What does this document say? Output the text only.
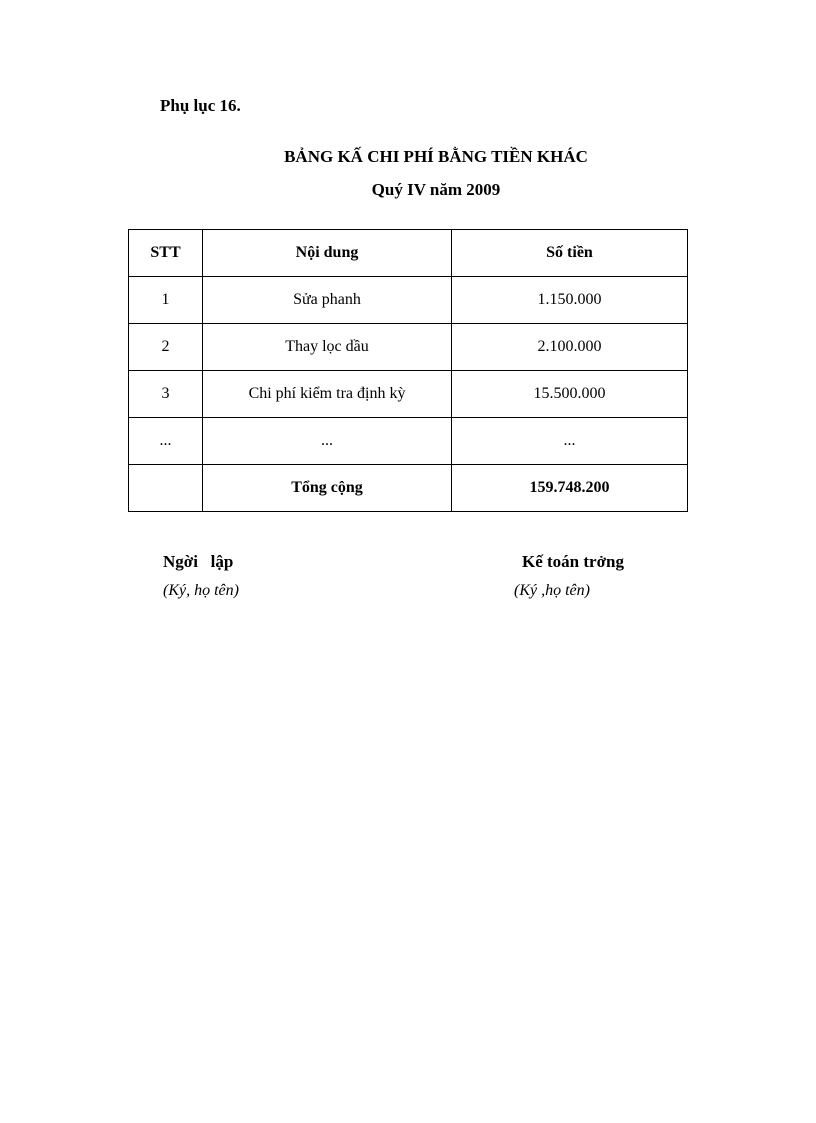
Phụ lục 16.
BẢNG KẤ CHI PHÍ BẰNG TIỀN KHÁC
Quý IV năm 2009
STT	Nội dung	Số tiền
1	Sửa phanh	1.150.000
2	Thay lọc dầu	2.100.000
3	Chi phí kiểm tra định kỳ	15.500.000
...	...	...
	Tổng cộng	159.748.200
Ngời   lập
(Ký, họ tên)
Kế toán trởng
(Ký ,họ tên)
